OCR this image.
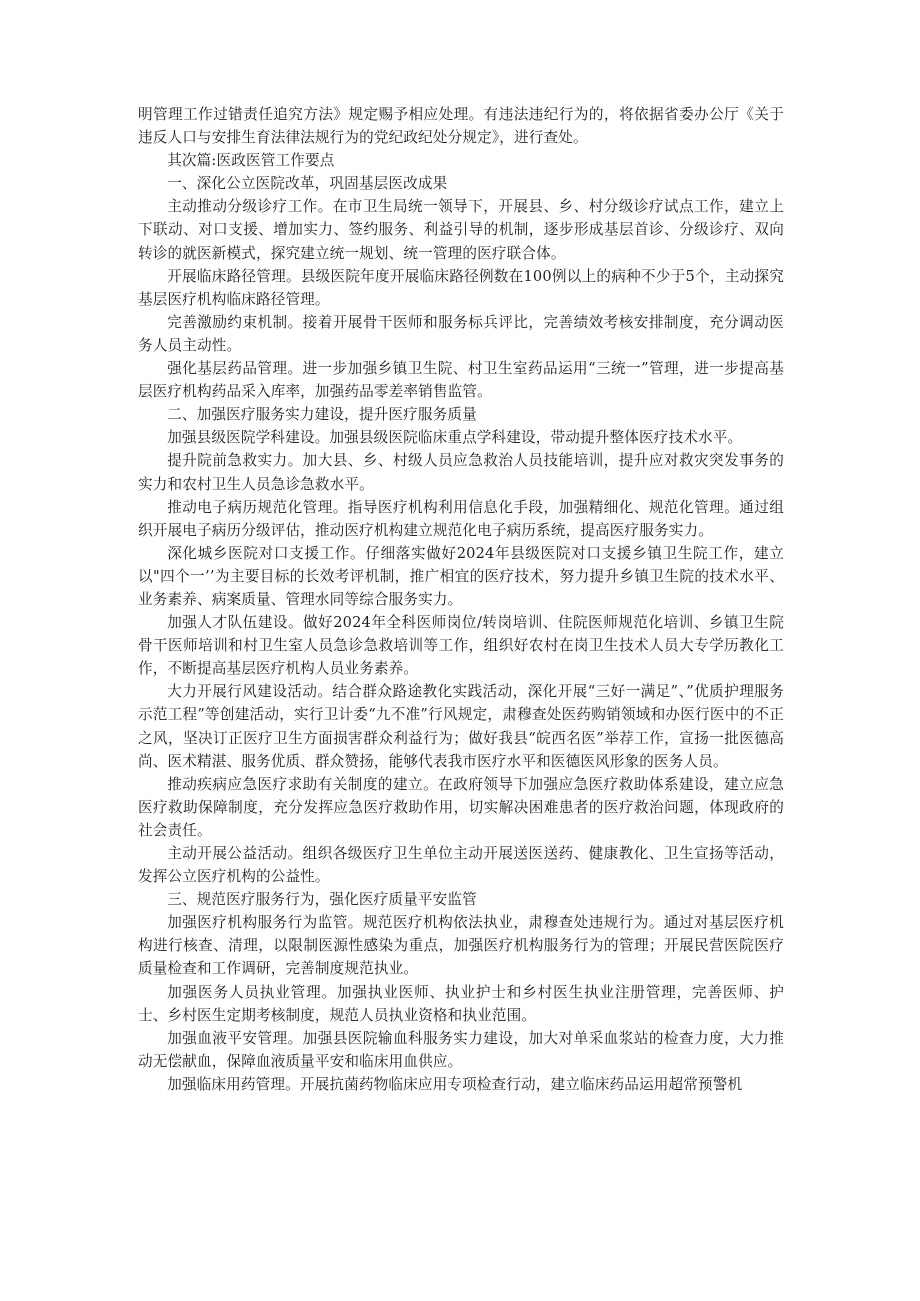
明管理工作过错责任追究方法》规定赐予相应处理。有违法违纪行为的，将依据省委办公厅《关于违反人口与安排生育法律法规行为的党纪政纪处分规定》，进行查处。

其次篇:医政医管工作要点

一、深化公立医院改革，巩固基层医改成果

主动推动分级诊疗工作。在市卫生局统一领导下，开展县、乡、村分级诊疗试点工作，建立上下联动、对口支援、增加实力、签约服务、利益引导的机制，逐步形成基层首诊、分级诊疗、双向转诊的就医新模式，探究建立统一规划、统一管理的医疗联合体。

开展临床路径管理。县级医院年度开展临床路径例数在100例以上的病种不少于5个，主动探究基层医疗机构临床路径管理。

完善激励约束机制。接着开展骨干医师和服务标兵评比，完善绩效考核安排制度，充分调动医务人员主动性。

强化基层药品管理。进一步加强乡镇卫生院、村卫生室药品运用“三统一”管理，进一步提高基层医疗机构药品采入库率，加强药品零差率销售监管。

二、加强医疗服务实力建设，提升医疗服务质量

加强县级医院学科建设。加强县级医院临床重点学科建设，带动提升整体医疗技术水平。

提升院前急救实力。加大县、乡、村级人员应急救治人员技能培训，提升应对救灾突发事务的实力和农村卫生人员急诊急救水平。

推动电子病历规范化管理。指导医疗机构利用信息化手段，加强精细化、规范化管理。通过组织开展电子病历分级评估，推动医疗机构建立规范化电子病历系统，提高医疗服务实力。

深化城乡医院对口支援工作。仔细落实做好2024年县级医院对口支援乡镇卫生院工作，建立以"四个一’’为主要目标的长效考评机制，推广相宜的医疗技术，努力提升乡镇卫生院的技术水平、业务素养、病案质量、管理水同等综合服务实力。

加强人才队伍建设。做好2024年全科医师岗位/转岗培训、住院医师规范化培训、乡镇卫生院骨干医师培训和村卫生室人员急诊急救培训等工作，组织好农村在岗卫生技术人员大专学历教化工作，不断提高基层医疗机构人员业务素养。

大力开展行风建设活动。结合群众路途教化实践活动，深化开展“三好一满足”、”优质护理服务示范工程”等创建活动，实行卫计委“九不准”行风规定，肃穆查处医药购销领域和办医行医中的不正之风，坚决订正医疗卫生方面损害群众利益行为；做好我县“皖西名医”举荐工作，宣扬一批医德高尚、医术精湛、服务优质、群众赞扬，能够代表我市医疗水平和医德医风形象的医务人员。

推动疾病应急医疗求助有关制度的建立。在政府领导下加强应急医疗救助体系建设，建立应急医疗救助保障制度，充分发挥应急医疗救助作用，切实解决困难患者的医疗救治问题，体现政府的社会责任。

主动开展公益活动。组织各级医疗卫生单位主动开展送医送药、健康教化、卫生宣扬等活动，发挥公立医疗机构的公益性。

三、规范医疗服务行为，强化医疗质量平安监管

加强医疗机构服务行为监管。规范医疗机构依法执业，肃穆查处违规行为。通过对基层医疗机构进行核查、清理，以限制医源性感染为重点，加强医疗机构服务行为的管理；开展民营医院医疗质量检查和工作调研，完善制度规范执业。

加强医务人员执业管理。加强执业医师、执业护士和乡村医生执业注册管理，完善医师、护士、乡村医生定期考核制度，规范人员执业资格和执业范围。

加强血液平安管理。加强县医院输血科服务实力建设，加大对单采血浆站的检查力度，大力推动无偿献血，保障血液质量平安和临床用血供应。

加强临床用药管理。开展抗菌药物临床应用专项检查行动，建立临床药品运用超常预警机
